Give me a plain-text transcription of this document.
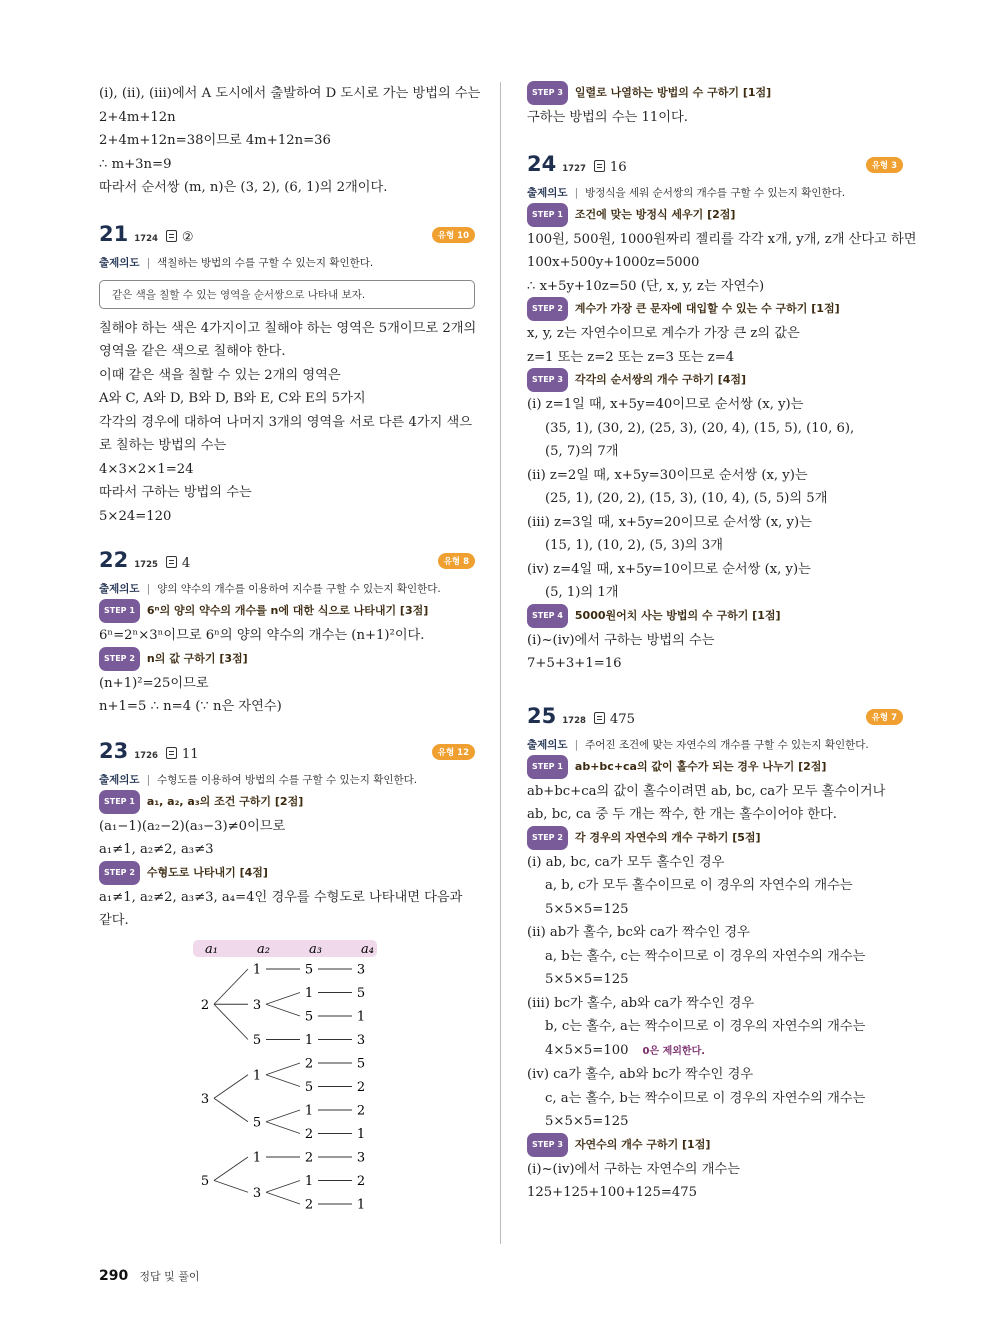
(ⅰ), (ⅱ), (ⅲ)에서 A 도시에서 출발하여 D 도시로 가는 방법의 수는
2+4m+12n
2+4m+12n=38이므로 4m+12n=36
∴ m+3n=9
따라서 순서쌍 (m, n)은 (3, 2), (6, 1)의 2개이다.
21 1724 ②	유형 10
출제의도 | 색칠하는 방법의 수를 구할 수 있는지 확인한다.
같은 색을 칠할 수 있는 영역을 순서쌍으로 나타내 보자.
칠해야 하는 색은 4가지이고 칠해야 하는 영역은 5개이므로 2개의
영역을 같은 색으로 칠해야 한다.
이때 같은 색을 칠할 수 있는 2개의 영역은
A와 C, A와 D, B와 D, B와 E, C와 E의 5가지
각각의 경우에 대하여 나머지 3개의 영역을 서로 다른 4가지 색으
로 칠하는 방법의 수는
4×3×2×1=24
따라서 구하는 방법의 수는
5×24=120
22 1725 4	유형 8
출제의도 | 양의 약수의 개수를 이용하여 지수를 구할 수 있는지 확인한다.
STEP 1 6ⁿ의 양의 약수의 개수를 n에 대한 식으로 나타내기 [3점]
6ⁿ=2ⁿ×3ⁿ이므로 6ⁿ의 양의 약수의 개수는 (n+1)²이다.
STEP 2 n의 값 구하기 [3점]
(n+1)²=25이므로
n+1=5 ∴ n=4 (∵ n은 자연수)
23 1726 11	유형 12
출제의도 | 수형도를 이용하여 방법의 수를 구할 수 있는지 확인한다.
STEP 1 a₁, a₂, a₃의 조건 구하기 [2점]
(a₁−1)(a₂−2)(a₃−3)≠0이므로
a₁≠1, a₂≠2, a₃≠3
STEP 2 수형도로 나타내기 [4점]
a₁≠1, a₂≠2, a₃≠3, a₄=4인 경우를 수형도로 나타내면 다음과
같다.
a₁	a₂	a₃	a₄
2
3
5
1
3
5
1
5
1
3
5
1
5
1
2
5
1
2
2
1
2
3
5
1
3
5
2
2
1
3
2
1
STEP 3 일렬로 나열하는 방법의 수 구하기 [1점]
구하는 방법의 수는 11이다.
24 1727 16	유형 3
출제의도 | 방정식을 세워 순서쌍의 개수를 구할 수 있는지 확인한다.
STEP 1 조건에 맞는 방정식 세우기 [2점]
100원, 500원, 1000원짜리 젤리를 각각 x개, y개, z개 산다고 하면
100x+500y+1000z=5000
∴ x+5y+10z=50 (단, x, y, z는 자연수)
STEP 2 계수가 가장 큰 문자에 대입할 수 있는 수 구하기 [1점]
x, y, z는 자연수이므로 계수가 가장 큰 z의 값은
z=1 또는 z=2 또는 z=3 또는 z=4
STEP 3 각각의 순서쌍의 개수 구하기 [4점]
(ⅰ) z=1일 때, x+5y=40이므로 순서쌍 (x, y)는
(35, 1), (30, 2), (25, 3), (20, 4), (15, 5), (10, 6),
(5, 7)의 7개
(ⅱ) z=2일 때, x+5y=30이므로 순서쌍 (x, y)는
(25, 1), (20, 2), (15, 3), (10, 4), (5, 5)의 5개
(ⅲ) z=3일 때, x+5y=20이므로 순서쌍 (x, y)는
(15, 1), (10, 2), (5, 3)의 3개
(ⅳ) z=4일 때, x+5y=10이므로 순서쌍 (x, y)는
(5, 1)의 1개
STEP 4 5000원어치 사는 방법의 수 구하기 [1점]
(ⅰ)~(ⅳ)에서 구하는 방법의 수는
7+5+3+1=16
25 1728 475	유형 7
출제의도 | 주어진 조건에 맞는 자연수의 개수를 구할 수 있는지 확인한다.
STEP 1 ab+bc+ca의 값이 홀수가 되는 경우 나누기 [2점]
ab+bc+ca의 값이 홀수이려면 ab, bc, ca가 모두 홀수이거나
ab, bc, ca 중 두 개는 짝수, 한 개는 홀수이어야 한다.
STEP 2 각 경우의 자연수의 개수 구하기 [5점]
(ⅰ) ab, bc, ca가 모두 홀수인 경우
a, b, c가 모두 홀수이므로 이 경우의 자연수의 개수는
5×5×5=125
(ⅱ) ab가 홀수, bc와 ca가 짝수인 경우
a, b는 홀수, c는 짝수이므로 이 경우의 자연수의 개수는
5×5×5=125
(ⅲ) bc가 홀수, ab와 ca가 짝수인 경우
b, c는 홀수, a는 짝수이므로 이 경우의 자연수의 개수는
4×5×5=100 0은 제외한다.
(ⅳ) ca가 홀수, ab와 bc가 짝수인 경우
c, a는 홀수, b는 짝수이므로 이 경우의 자연수의 개수는
5×5×5=125
STEP 3 자연수의 개수 구하기 [1점]
(ⅰ)~(ⅳ)에서 구하는 자연수의 개수는
125+125+100+125=475
290 정답 및 풀이
